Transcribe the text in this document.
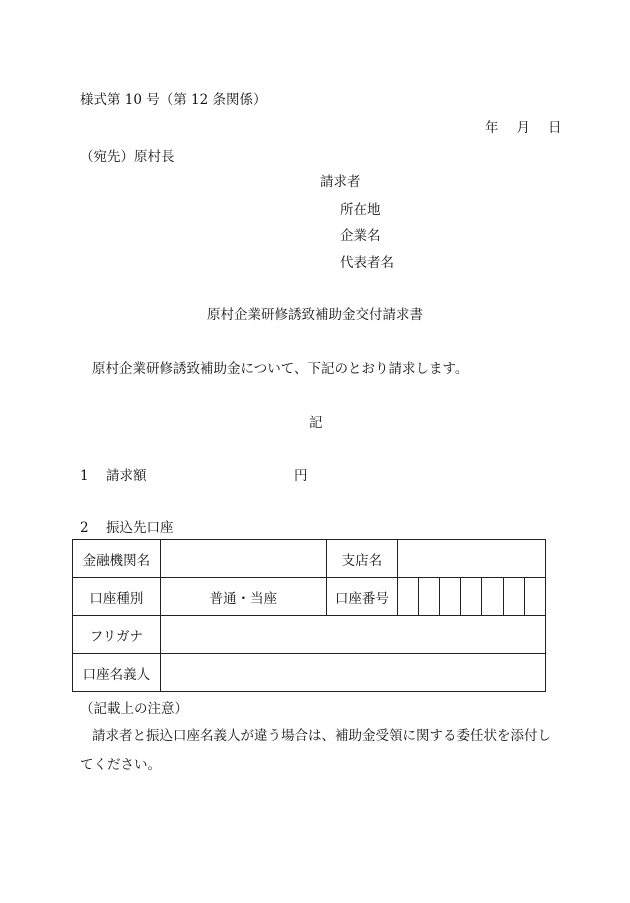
様式第 10 号（第 12 条関係）
年 月 日
（宛先）原村長
請求者
所在地
企業名
代表者名
原村企業研修誘致補助金交付請求書
原村企業研修誘致補助金について、下記のとおり請求します。
記
1 請求額	円
2 振込先口座
金融機関名		支店名							
口座種別	普通・当座	口座番号							
フリガナ									
口座名義人									
（記載上の注意）
請求者と振込口座名義人が違う場合は、補助金受領に関する委任状を添付し
てください。
